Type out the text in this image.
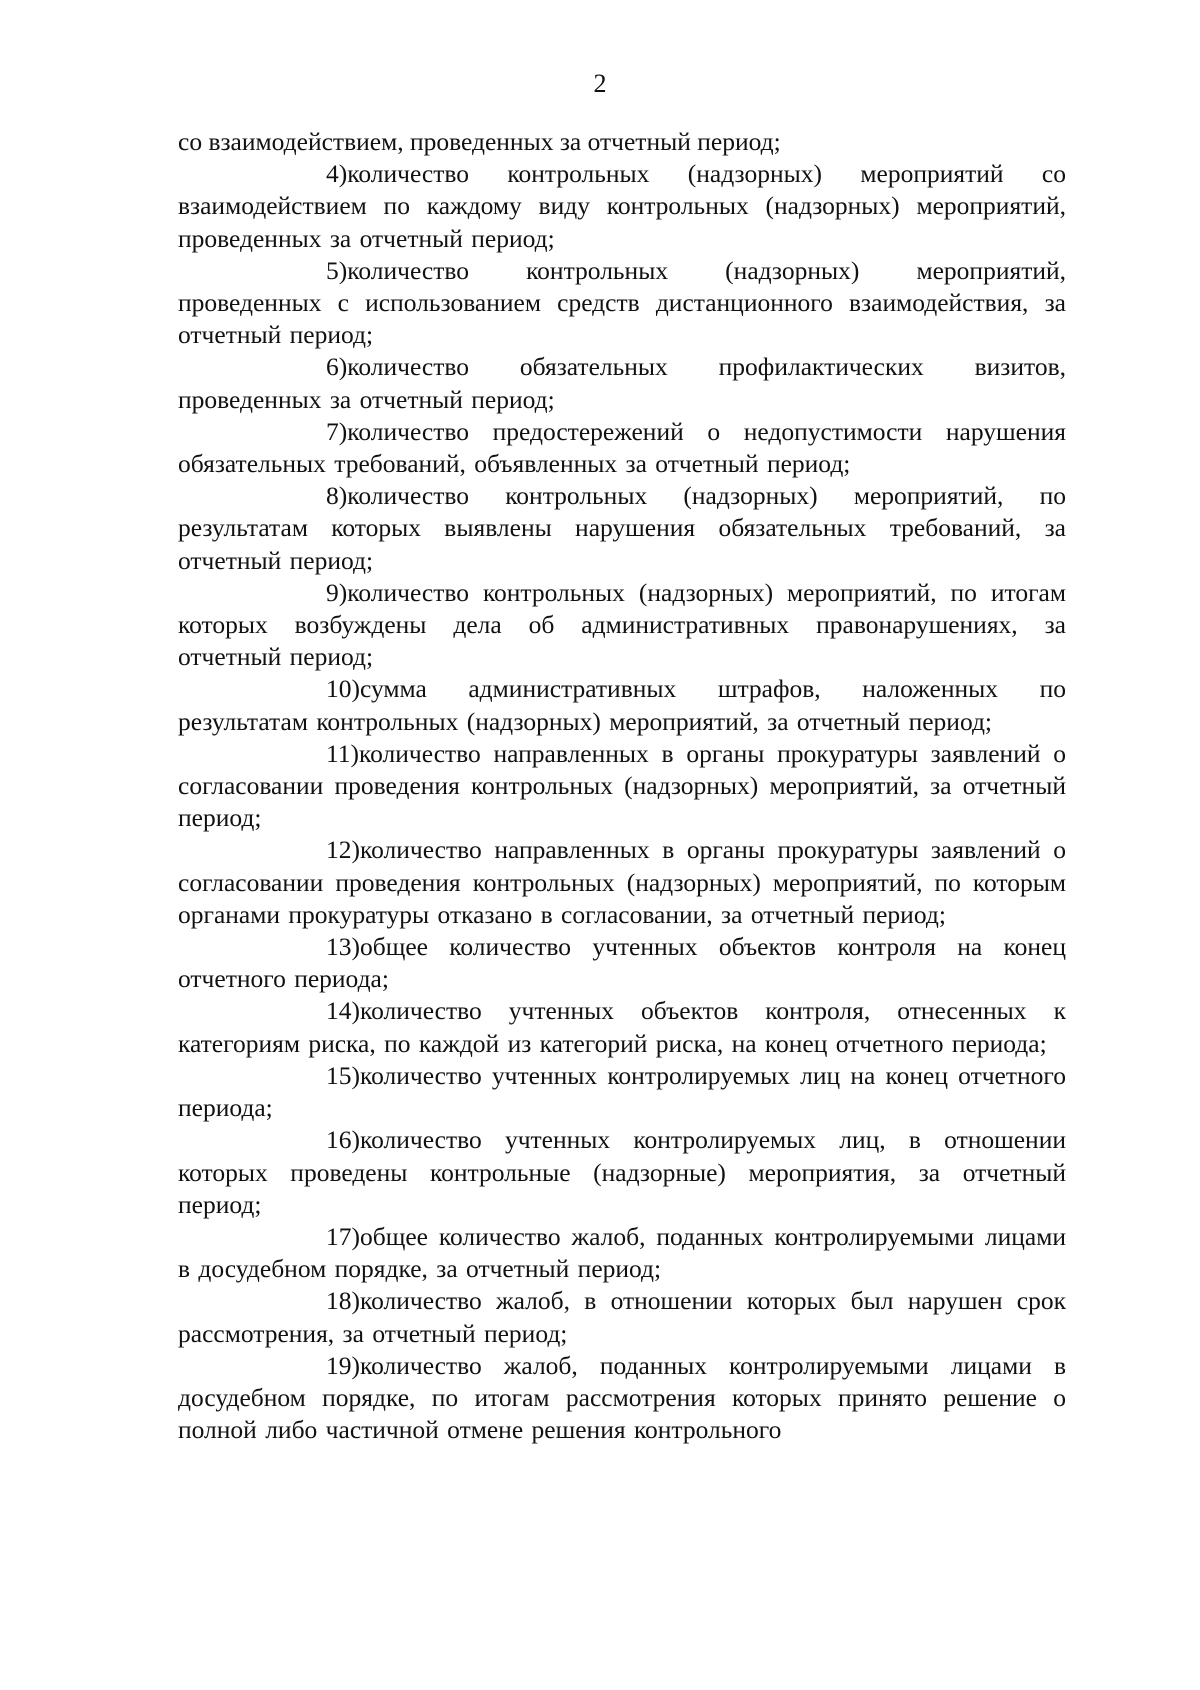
2

со взаимодействием, проведенных за отчетный период;

4)количество контрольных (надзорных) мероприятий со взаимодействием по каждому виду контрольных (надзорных) мероприятий, проведенных за отчетный период;

5)количество контрольных (надзорных) мероприятий, проведенных с использованием средств дистанционного взаимодействия, за отчетный период;

6)количество обязательных профилактических визитов, проведенных за отчетный период;

7)количество предостережений о недопустимости нарушения обязательных требований, объявленных за отчетный период;

8)количество контрольных (надзорных) мероприятий, по результатам которых выявлены нарушения обязательных требований, за отчетный период;

9)количество контрольных (надзорных) мероприятий, по итогам которых возбуждены дела об административных правонарушениях, за отчетный период;

10)сумма административных штрафов, наложенных по результатам контрольных (надзорных) мероприятий, за отчетный период;

11)количество направленных в органы прокуратуры заявлений о согласовании проведения контрольных (надзорных) мероприятий, за отчетный период;

12)количество направленных в органы прокуратуры заявлений о согласовании проведения контрольных (надзорных) мероприятий, по которым органами прокуратуры отказано в согласовании, за отчетный период;

13)общее количество учтенных объектов контроля на конец отчетного периода;

14)количество учтенных объектов контроля, отнесенных к категориям риска, по каждой из категорий риска, на конец отчетного периода;

15)количество учтенных контролируемых лиц на конец отчетного периода;

16)количество учтенных контролируемых лиц, в отношении которых проведены контрольные (надзорные) мероприятия, за отчетный период;

17)общее количество жалоб, поданных контролируемыми лицами в досудебном порядке, за отчетный период;

18)количество жалоб, в отношении которых был нарушен срок рассмотрения, за отчетный период;

19)количество жалоб, поданных контролируемыми лицами в досудебном порядке, по итогам рассмотрения которых принято решение о полной либо частичной отмене решения контрольного
